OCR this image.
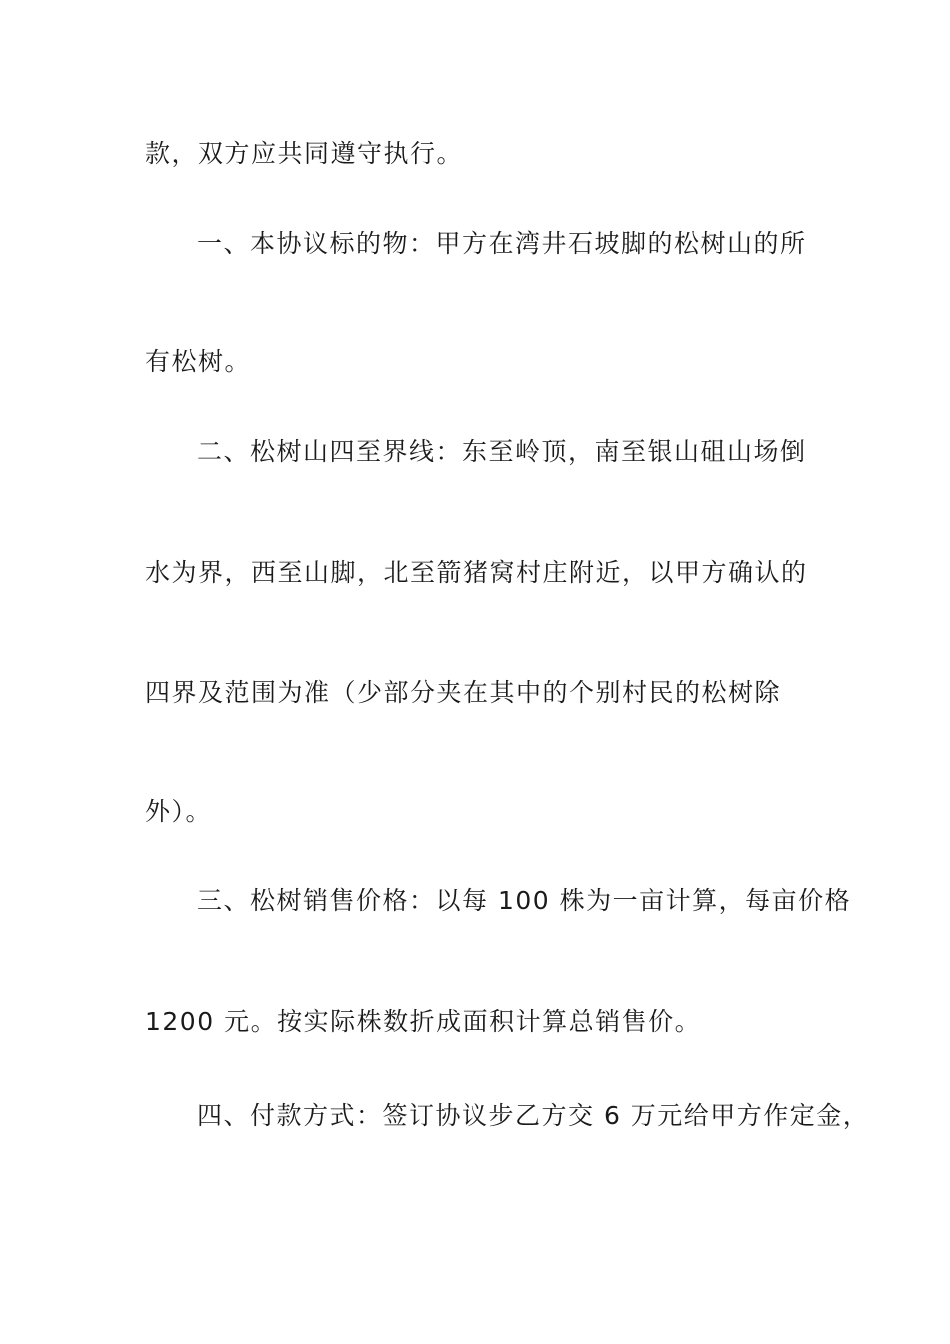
款，双方应共同遵守执行。
一、本协议标的物：甲方在湾井石坡脚的松树山的所
有松树。
二、松树山四至界线：东至岭顶，南至银山砠山场倒
水为界，西至山脚，北至箭猪窝村庄附近，以甲方确认的
四界及范围为准（少部分夹在其中的个别村民的松树除
外）。
三、松树销售价格：以每 100 株为一亩计算，每亩价格
1200 元。按实际株数折成面积计算总销售价。
四、付款方式：签订协议步乙方交 6 万元给甲方作定金，
